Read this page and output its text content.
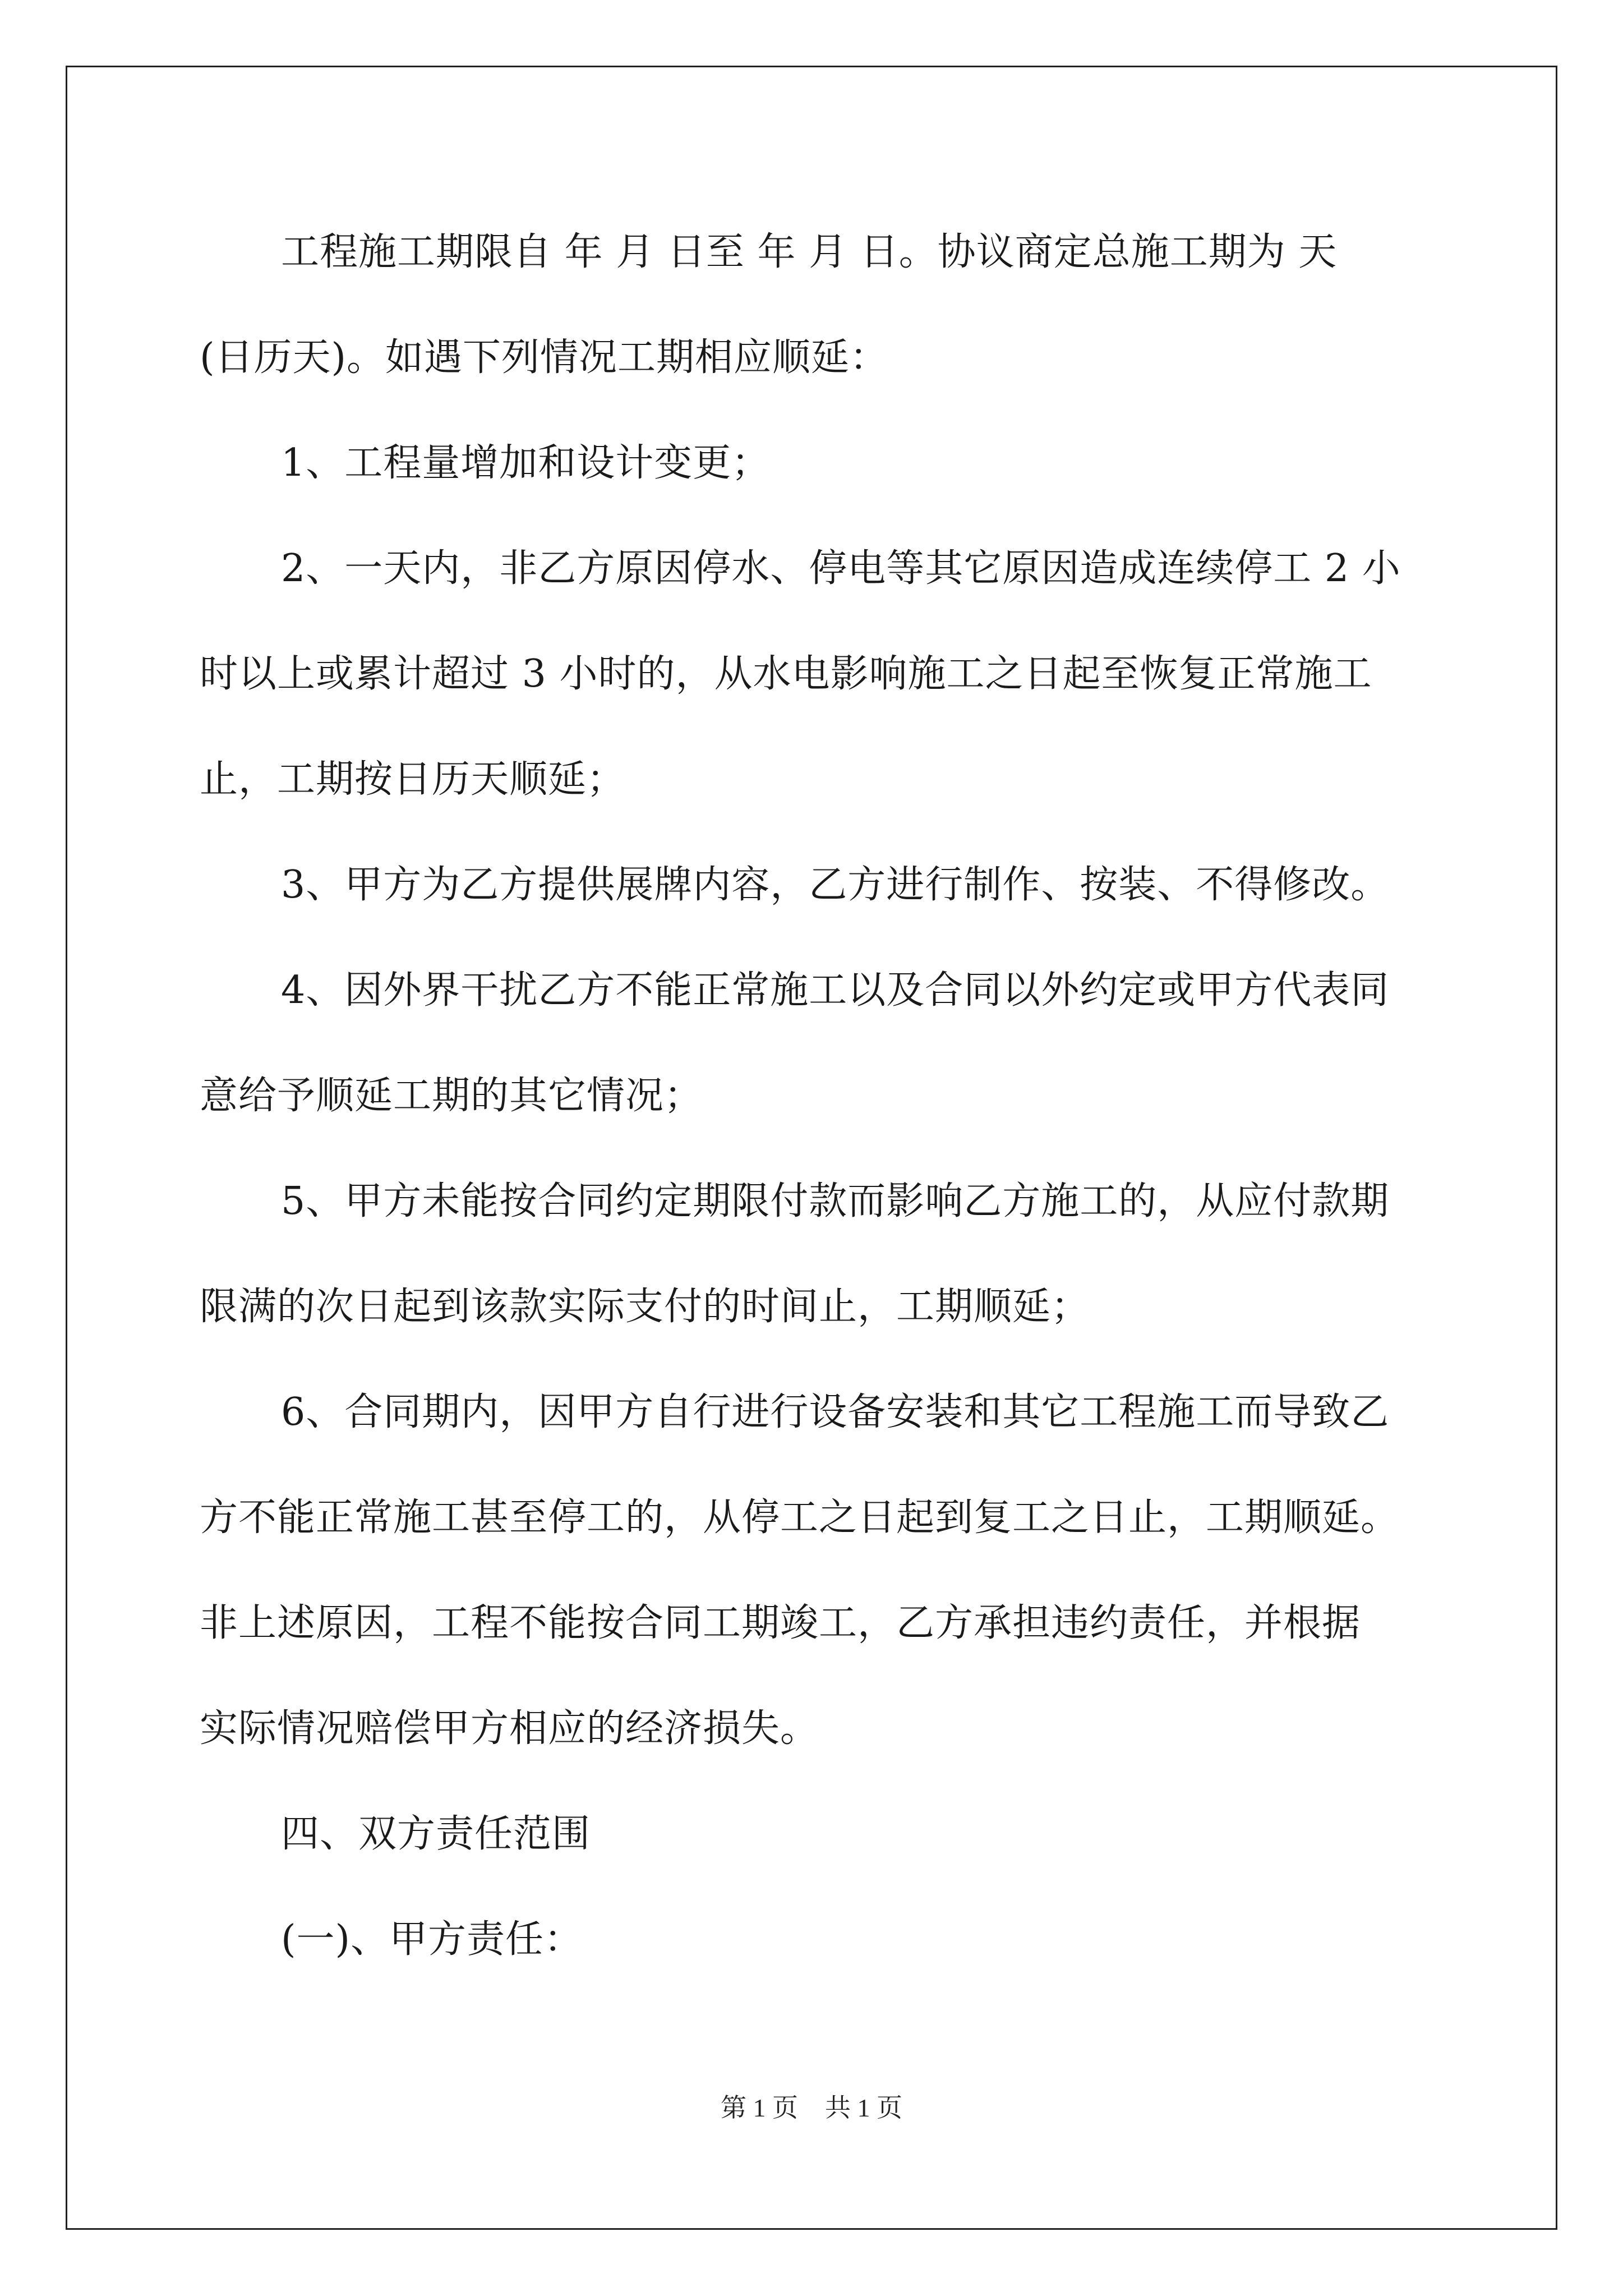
工程施工期限自 年 月 日至 年 月 日。协议商定总施工期为 天
(日历天)。如遇下列情况工期相应顺延：
1、工程量增加和设计变更；
2、一天内，非乙方原因停水、停电等其它原因造成连续停工 2 小
时以上或累计超过 3 小时的，从水电影响施工之日起至恢复正常施工
止，工期按日历天顺延；
3、甲方为乙方提供展牌内容，乙方进行制作、按装、不得修改。
4、因外界干扰乙方不能正常施工以及合同以外约定或甲方代表同
意给予顺延工期的其它情况；
5、甲方未能按合同约定期限付款而影响乙方施工的，从应付款期
限满的次日起到该款实际支付的时间止，工期顺延；
6、合同期内，因甲方自行进行设备安装和其它工程施工而导致乙
方不能正常施工甚至停工的，从停工之日起到复工之日止，工期顺延。
非上述原因，工程不能按合同工期竣工，乙方承担违约责任，并根据
实际情况赔偿甲方相应的经济损失。
四、双方责任范围
(一)、甲方责任：
第 1 页 共 1 页
